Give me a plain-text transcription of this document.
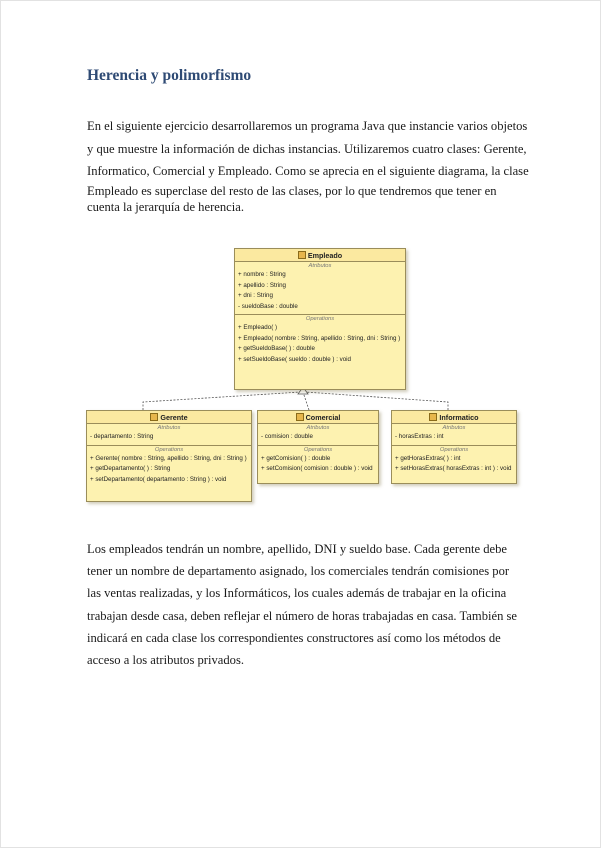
Herencia y polimorfismo

En el siguiente ejercicio desarrollaremos un programa Java que instancie varios objetos
y que muestre la información de dichas instancias. Utilizaremos cuatro clases: Gerente,
Informatico, Comercial y Empleado. Como se aprecia en el siguiente diagrama, la clase

Empleado es superclase del resto de las clases, por lo que tendremos que tener en
cuenta la jerarquía de herencia.

Empleado
Atributos
+ nombre : String
+ apellido : String
+ dni : String
- sueldoBase : double
Operations
+ Empleado( )
+ Empleado( nombre : String, apellido : String, dni : String )
+ getSueldoBase( ) : double
+ setSueldoBase( sueldo : double ) : void
Gerente
Atributos
- departamento : String
Operations
+ Gerente( nombre : String, apellido : String, dni : String )
+ getDepartamento( ) : String
+ setDepartamento( departamento : String ) : void
Comercial
Atributos
- comision : double
Operations
+ getComision( ) : double
+ setComision( comision : double ) : void
Informatico
Atributos
- horasExtras : int
Operations
+ getHorasExtras( ) : int
+ setHorasExtras( horasExtras : int ) : void

Los empleados tendrán un nombre, apellido, DNI y sueldo base. Cada gerente debe
tener un nombre de departamento asignado, los comerciales tendrán comisiones por
las ventas realizadas, y los Informáticos, los cuales además de trabajar en la oficina
trabajan desde casa, deben reflejar el número de horas trabajadas en casa. También se
indicará en cada clase los correspondientes constructores así como los métodos de
acceso a los atributos privados.
